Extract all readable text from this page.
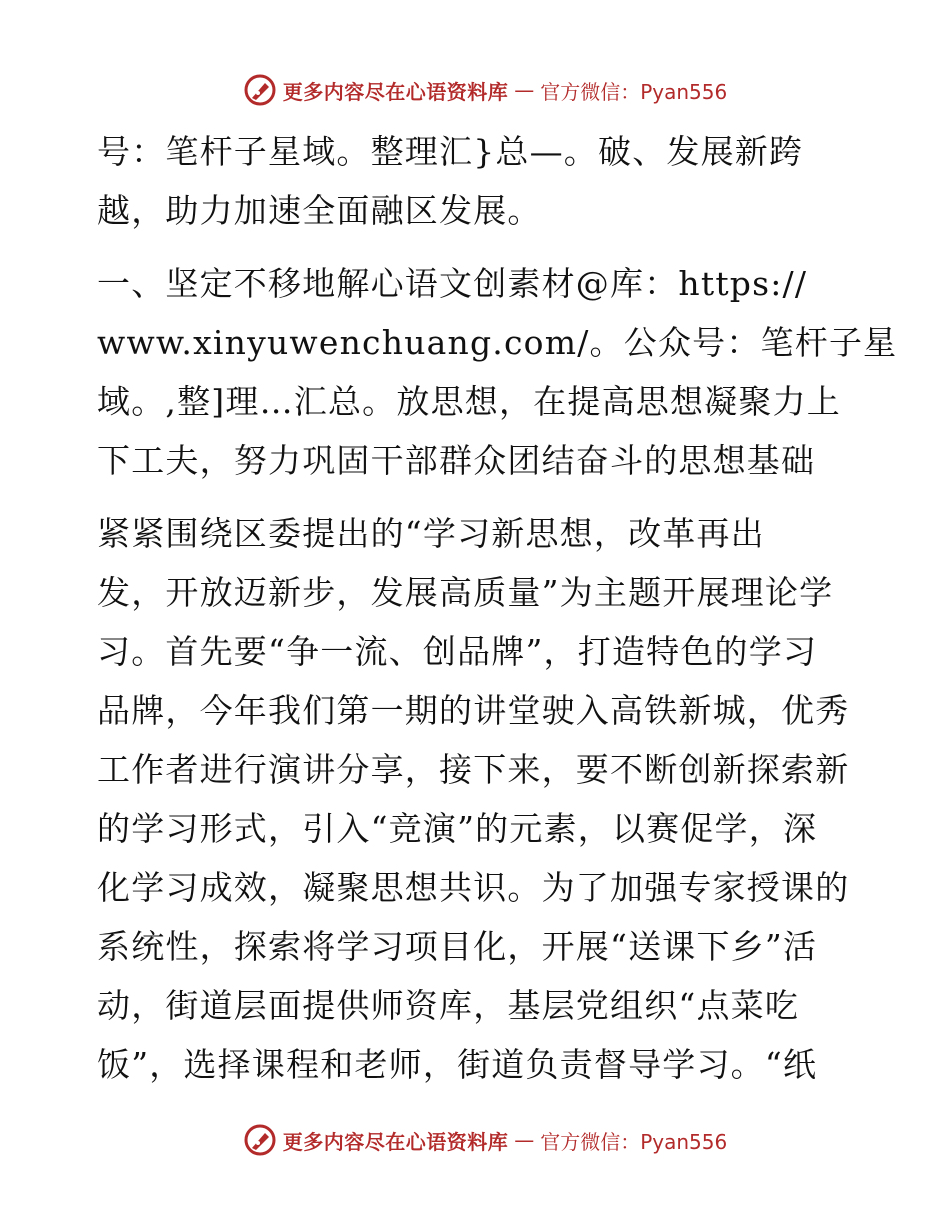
更多内容尽在心语资料库 — 官方微信：Pyan556
号：笔杆子星域。整理汇}总—。破、发展新跨
越，助力加速全面融区发展。
一、坚定不移地解心语文创素材@库：https://
www.xinyuwenchuang.com/。公众号：笔杆子星
域。,整]理…汇总。放思想，在提高思想凝聚力上
下工夫，努力巩固干部群众团结奋斗的思想基础
紧紧围绕区委提出的“学习新思想，改革再出
发，开放迈新步，发展高质量”为主题开展理论学
习。首先要“争一流、创品牌”，打造特色的学习
品牌，今年我们第一期的讲堂驶入高铁新城，优秀
工作者进行演讲分享，接下来，要不断创新探索新
的学习形式，引入“竞演”的元素，以赛促学，深
化学习成效，凝聚思想共识。为了加强专家授课的
系统性，探索将学习项目化，开展“送课下乡”活
动，街道层面提供师资库，基层党组织“点菜吃
饭”，选择课程和老师，街道负责督导学习。“纸
更多内容尽在心语资料库 — 官方微信：Pyan556
